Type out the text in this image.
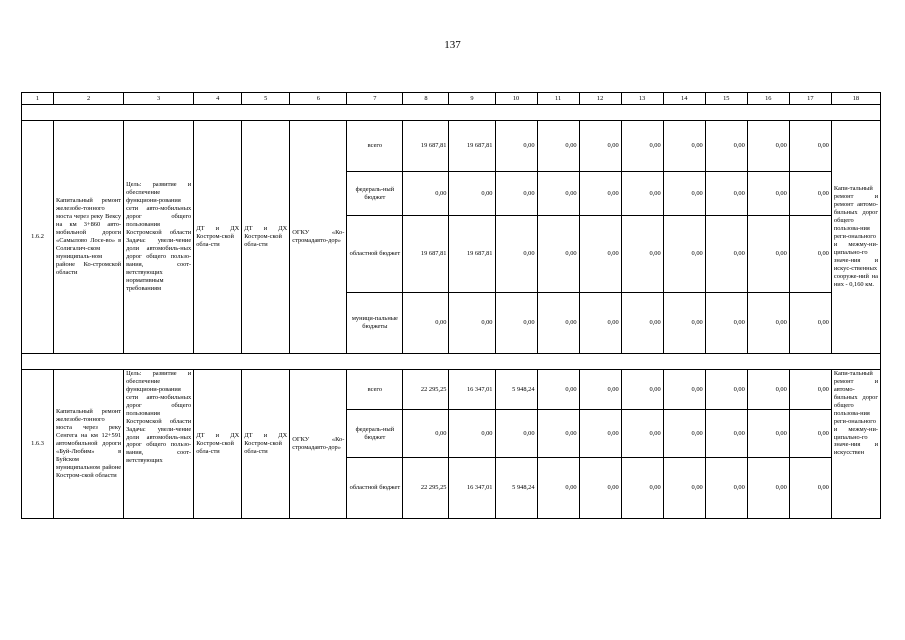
137
1	2	3	4	5	6	7	8	9	10	11	12	13	14	15	16	17	18

1.6.2	Капитальный ремонт железобе-тонного моста через реку Вексу на км 3+860 авто-мобильной дороги «Самылово Лосе-во» в Солигалич-ском муниципаль-ном районе Ко-стромской области	Цель: развитие и обеспечение функциони-рования сети авто-мобильных дорог общего пользования Костромской области Задача: увели-чение доли автомобиль-ных дорог общего пользо-вания, соот-ветствующих нормативным требованиям	ДТ и ДХ Костром-ской обла-сти	ДТ и ДХ Костром-ской обла-сти	ОГКУ «Ко-стромадавто-дор»	всего	19 687,81	19 687,81	0,00	0,00	0,00	0,00	0,00	0,00	0,00	0,00	Капи-тальный ремонт и ремонт автомо-бильных дорог общего пользова-ния реги-онального и межму-ни-ципально-го значе-ния и искус-ственных сооруже-ний на них - 0,160 км.
						федераль-ный бюджет	0,00	0,00	0,00	0,00	0,00	0,00	0,00	0,00	0,00	0,00	
						областной бюджет	19 687,81	19 687,81	0,00	0,00	0,00	0,00	0,00	0,00	0,00	0,00	
						муници-пальные бюджеты	0,00	0,00	0,00	0,00	0,00	0,00	0,00	0,00	0,00	0,00	

1.6.3	Капитальный ремонт железобе-тонного моста через реку Сенгега на км 12+591 автомобильной дороги «Буй-Любим» в Буйском муниципальном районе Костром-ской области	Цель: развитие и обеспечение функциони-рования сети авто-мобильных дорог общего пользования Костромской области Задача: увели-чение доли автомобиль-ных дорог общего пользо-вания, соот-ветствующих	ДТ и ДХ Костром-ской обла-сти	ДТ и ДХ Костром-ской обла-сти	ОГКУ «Ко-стромадавто-дор»	всего	22 295,25	16 347,01	5 948,24	0,00	0,00	0,00	0,00	0,00	0,00	0,00	Капи-тальный ремонт и автомо-бильных дорог общего пользова-ния реги-онального и межму-ни-ципально-го значе-ния и искусствен
						федераль-ный бюджет	0,00	0,00	0,00	0,00	0,00	0,00	0,00	0,00	0,00	0,00	
						областной бюджет	22 295,25	16 347,01	5 948,24	0,00	0,00	0,00	0,00	0,00	0,00	0,00	
